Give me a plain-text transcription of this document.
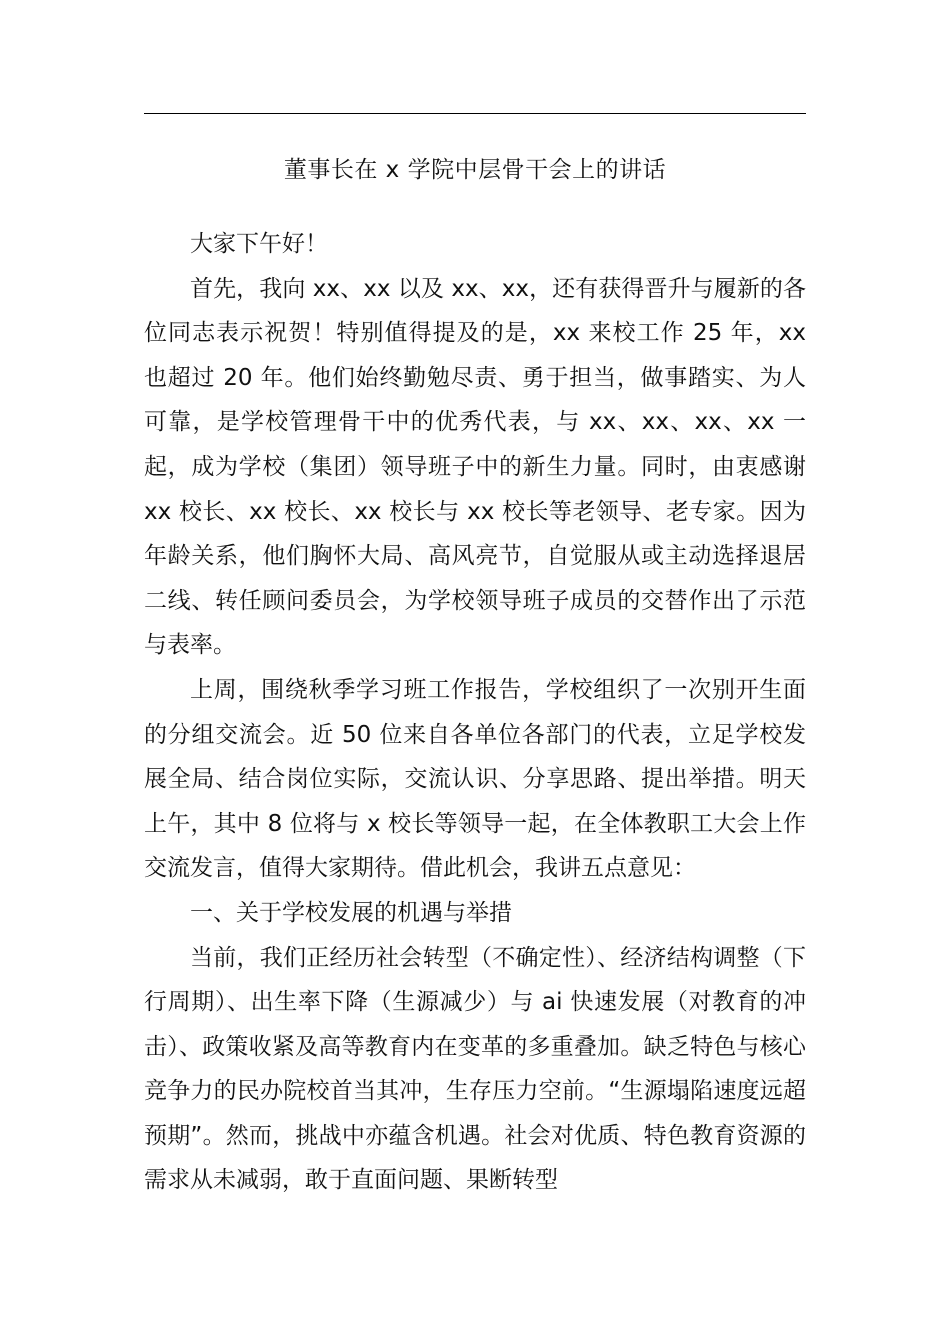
董事长在 x 学院中层骨干会上的讲话

大家下午好！

首先，我向 xx、xx 以及 xx、xx，还有获得晋升与履新的各位同志表示祝贺！特别值得提及的是，xx 来校工作 25 年，xx 也超过 20 年。他们始终勤勉尽责、勇于担当，做事踏实、为人可靠，是学校管理骨干中的优秀代表，与 xx、xx、xx、xx 一起，成为学校（集团）领导班子中的新生力量。同时，由衷感谢 xx 校长、xx 校长、xx 校长与 xx 校长等老领导、老专家。因为年龄关系，他们胸怀大局、高风亮节，自觉服从或主动选择退居二线、转任顾问委员会，为学校领导班子成员的交替作出了示范与表率。

上周，围绕秋季学习班工作报告，学校组织了一次别开生面的分组交流会。近 50 位来自各单位各部门的代表，立足学校发展全局、结合岗位实际，交流认识、分享思路、提出举措。明天上午，其中 8 位将与 x 校长等领导一起，在全体教职工大会上作交流发言，值得大家期待。借此机会，我讲五点意见：

一、关于学校发展的机遇与举措

当前，我们正经历社会转型（不确定性）、经济结构调整（下行周期）、出生率下降（生源减少）与 ai 快速发展（对教育的冲击）、政策收紧及高等教育内在变革的多重叠加。缺乏特色与核心竞争力的民办院校首当其冲，生存压力空前。“生源塌陷速度远超预期”。然而，挑战中亦蕴含机遇。社会对优质、特色教育资源的需求从未减弱，敢于直面问题、果断转型
